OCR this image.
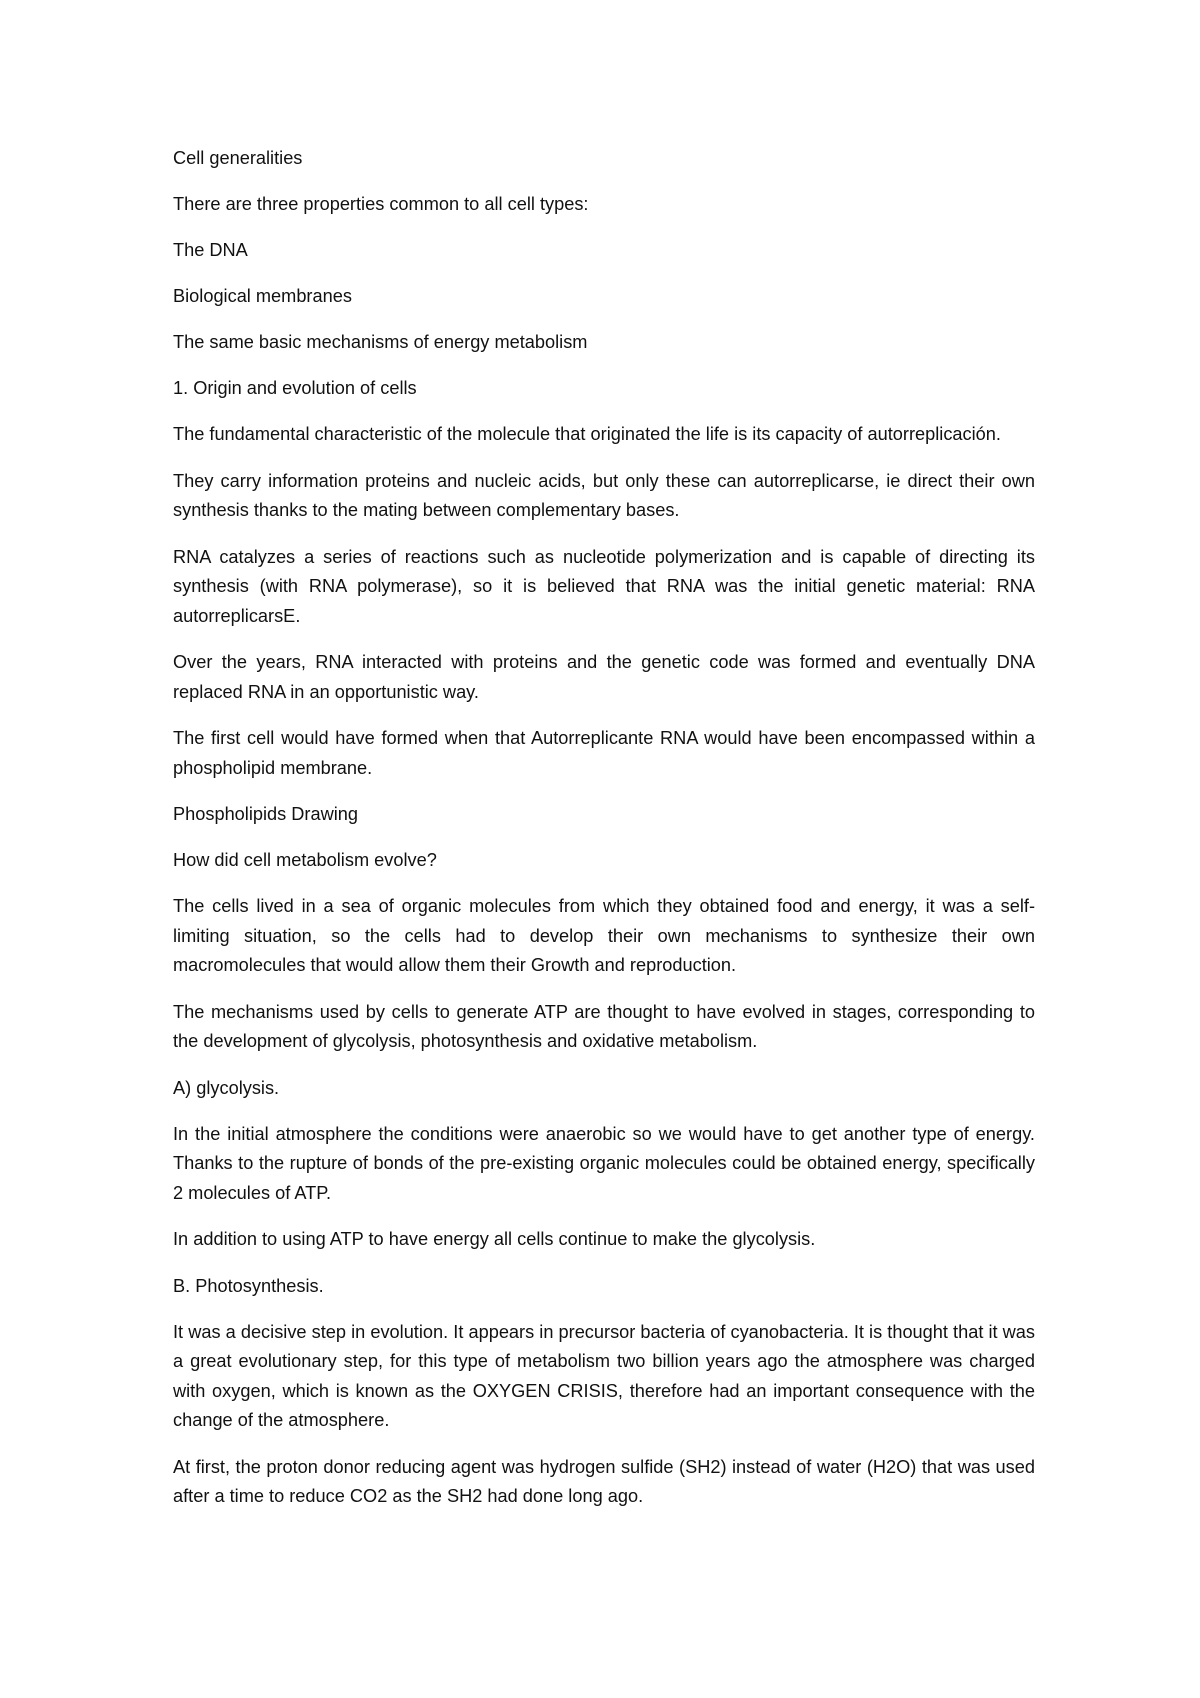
Cell generalities

There are three properties common to all cell types:

The DNA

Biological membranes

The same basic mechanisms of energy metabolism

1. Origin and evolution of cells

The fundamental characteristic of the molecule that originated the life is its capacity of autorreplicación.

They carry information proteins and nucleic acids, but only these can autorreplicarse, ie direct their own synthesis thanks to the mating between complementary bases.

RNA catalyzes a series of reactions such as nucleotide polymerization and is capable of directing its synthesis (with RNA polymerase), so it is believed that RNA was the initial genetic material: RNA autorreplicarsE.

Over the years, RNA interacted with proteins and the genetic code was formed and eventually DNA replaced RNA in an opportunistic way.

The first cell would have formed when that Autorreplicante RNA would have been encompassed within a phospholipid membrane.

Phospholipids Drawing

How did cell metabolism evolve?

The cells lived in a sea of organic molecules from which they obtained food and energy, it was a self-limiting situation, so the cells had to develop their own mechanisms to synthesize their own macromolecules that would allow them their Growth and reproduction.

The mechanisms used by cells to generate ATP are thought to have evolved in stages, corresponding to the development of glycolysis, photosynthesis and oxidative metabolism.

A) glycolysis.

In the initial atmosphere the conditions were anaerobic so we would have to get another type of energy. Thanks to the rupture of bonds of the pre-existing organic molecules could be obtained energy, specifically 2 molecules of ATP.

In addition to using ATP to have energy all cells continue to make the glycolysis.

B. Photosynthesis.

It was a decisive step in evolution. It appears in precursor bacteria of cyanobacteria. It is thought that it was a great evolutionary step, for this type of metabolism two billion years ago the atmosphere was charged with oxygen, which is known as the OXYGEN CRISIS, therefore had an important consequence with the change of the atmosphere.

At first, the proton donor reducing agent was hydrogen sulfide (SH2) instead of water (H2O) that was used after a time to reduce CO2 as the SH2 had done long ago.
